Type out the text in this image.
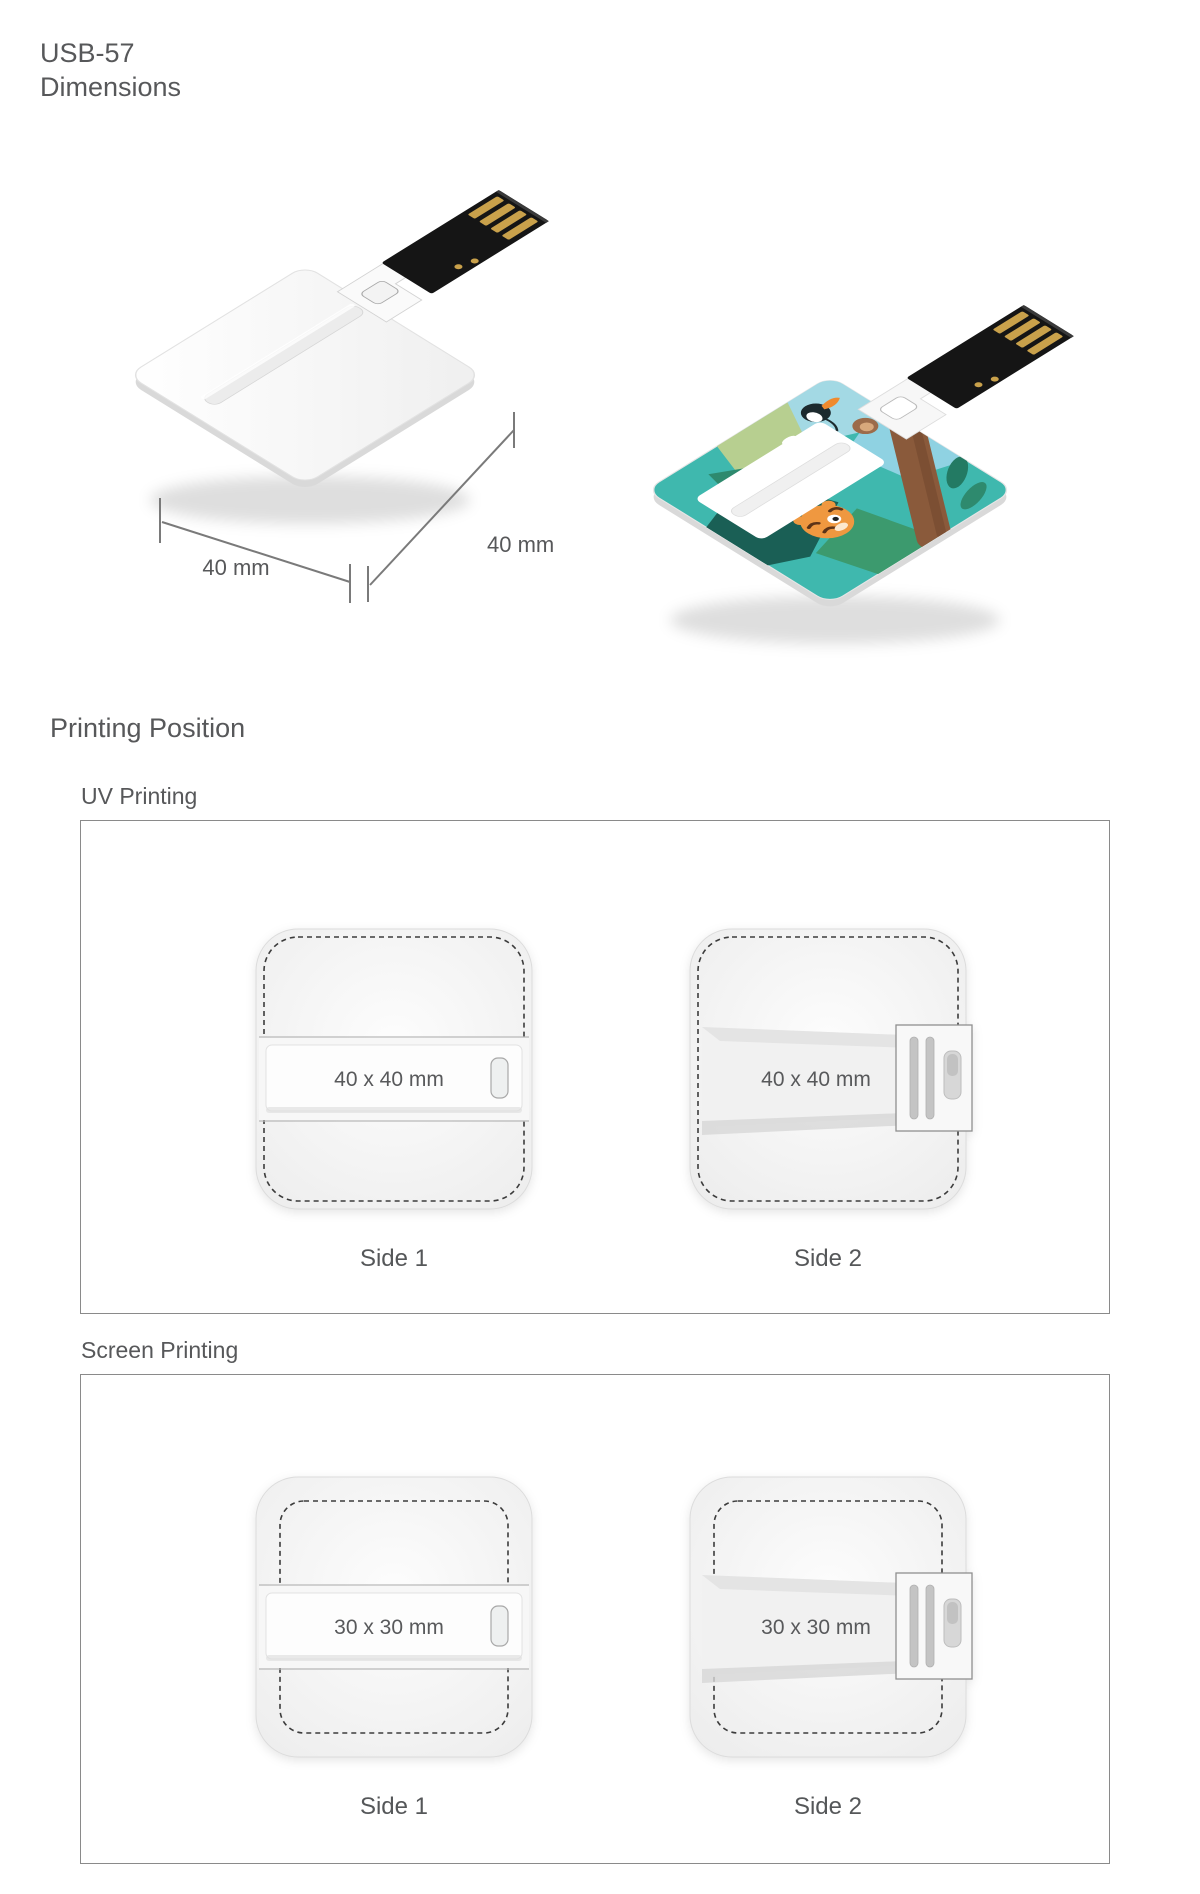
USB-57
Dimensions
40 mm
40 mm
Printing Position
UV Printing
40 x 40 mm
Side 1
40 x 40 mm
Side 2
Screen Printing
30 x 30 mm
Side 1
30 x 30 mm
Side 2
